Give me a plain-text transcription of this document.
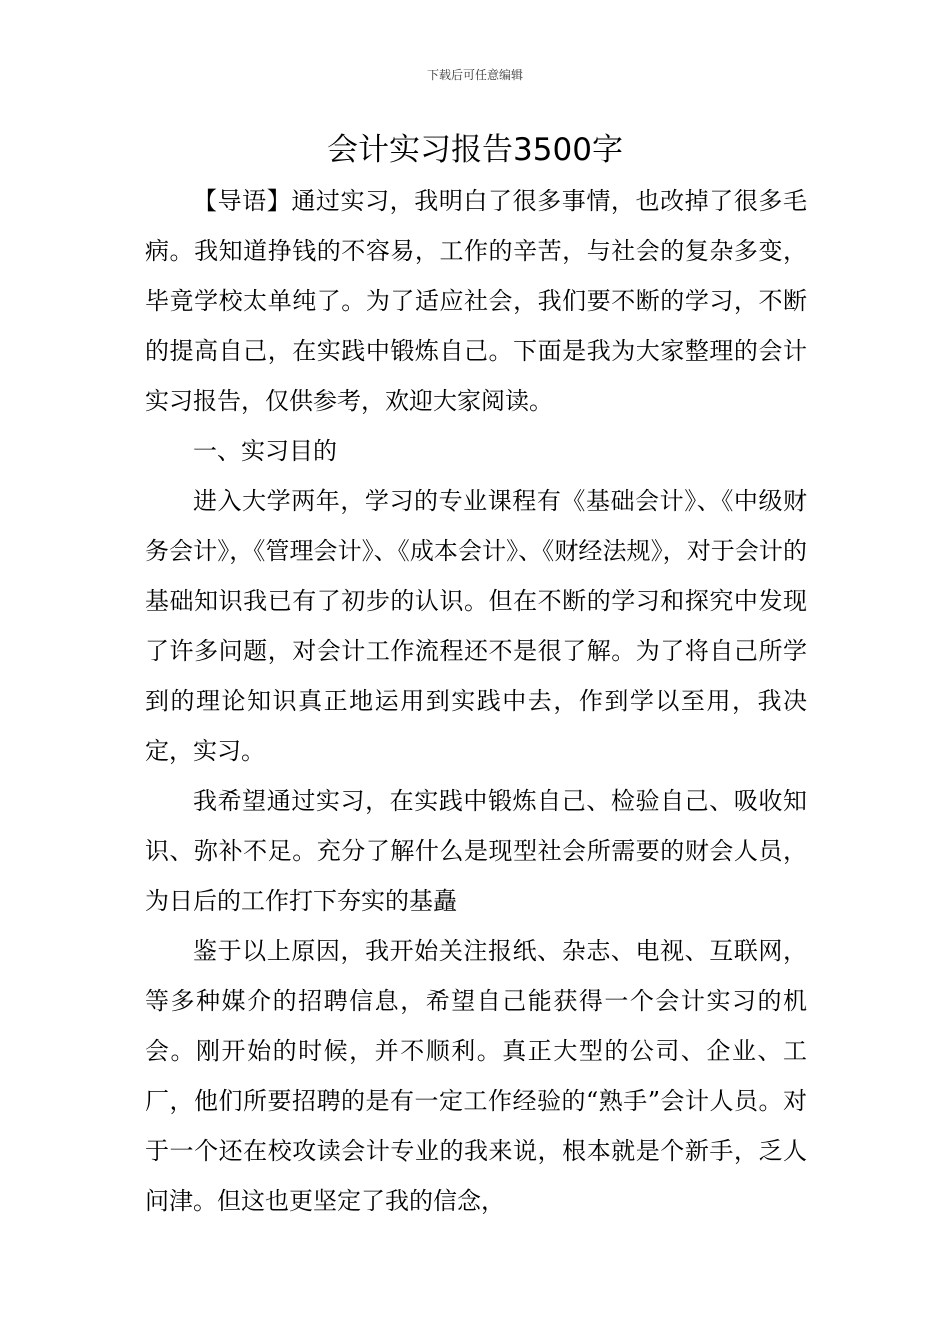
下载后可任意编辑
会计实习报告3500字

【导语】通过实习，我明白了很多事情，也改掉了很多毛病。我知道挣钱的不容易，工作的辛苦，与社会的复杂多变，毕竟学校太单纯了。为了适应社会，我们要不断的学习，不断的提高自己，在实践中锻炼自己。下面是我为大家整理的会计实习报告，仅供参考，欢迎大家阅读。

一、实习目的

进入大学两年，学习的专业课程有《基础会计》、《中级财务会计》，《管理会计》、《成本会计》、《财经法规》，对于会计的基础知识我已有了初步的认识。但在不断的学习和探究中发现了许多问题，对会计工作流程还不是很了解。为了将自己所学到的理论知识真正地运用到实践中去，作到学以至用，我决定，实习。

我希望通过实习，在实践中锻炼自己、检验自己、吸收知识、弥补不足。充分了解什么是现型社会所需要的财会人员，为日后的工作打下夯实的基矗

鉴于以上原因，我开始关注报纸、杂志、电视、互联网，等多种媒介的招聘信息，希望自己能获得一个会计实习的机会。刚开始的时候，并不顺利。真正大型的公司、企业、工厂，他们所要招聘的是有一定工作经验的“熟手”会计人员。对于一个还在校攻读会计专业的我来说，根本就是个新手，乏人问津。但这也更坚定了我的信念，
